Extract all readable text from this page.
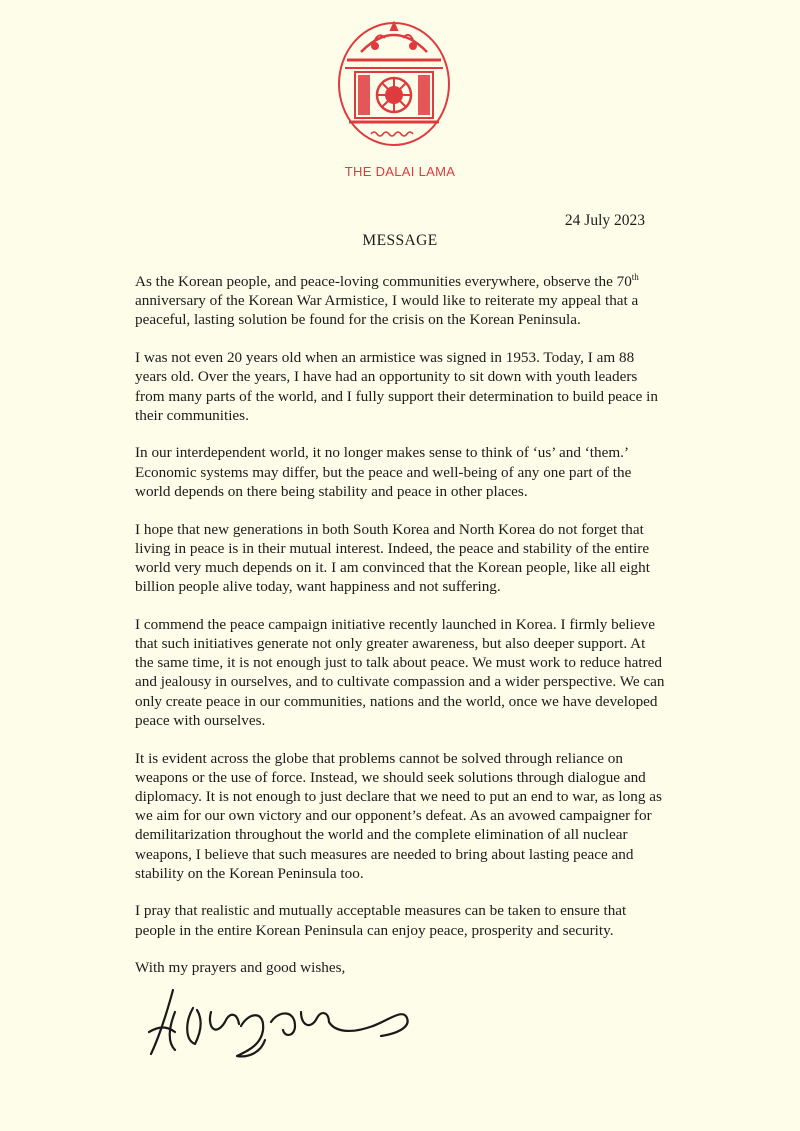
THE DALAI LAMA
24 July 2023
MESSAGE

As the Korean people, and peace-loving communities everywhere, observe the 70th anniversary of the Korean War Armistice, I would like to reiterate my appeal that a peaceful, lasting solution be found for the crisis on the Korean Peninsula.

I was not even 20 years old when an armistice was signed in 1953. Today, I am 88 years old. Over the years, I have had an opportunity to sit down with youth leaders from many parts of the world, and I fully support their determination to build peace in their communities.

In our interdependent world, it no longer makes sense to think of ‘us’ and ‘them.’ Economic systems may differ, but the peace and well-being of any one part of the world depends on there being stability and peace in other places.

I hope that new generations in both South Korea and North Korea do not forget that living in peace is in their mutual interest. Indeed, the peace and stability of the entire world very much depends on it. I am convinced that the Korean people, like all eight billion people alive today, want happiness and not suffering.

I commend the peace campaign initiative recently launched in Korea. I firmly believe that such initiatives generate not only greater awareness, but also deeper support. At the same time, it is not enough just to talk about peace. We must work to reduce hatred and jealousy in ourselves, and to cultivate compassion and a wider perspective. We can only create peace in our communities, nations and the world, once we have developed peace with ourselves.

It is evident across the globe that problems cannot be solved through reliance on weapons or the use of force. Instead, we should seek solutions through dialogue and diplomacy. It is not enough to just declare that we need to put an end to war, as long as we aim for our own victory and our opponent’s defeat. As an avowed campaigner for demilitarization throughout the world and the complete elimination of all nuclear weapons, I believe that such measures are needed to bring about lasting peace and stability on the Korean Peninsula too.

I pray that realistic and mutually acceptable measures can be taken to ensure that people in the entire Korean Peninsula can enjoy peace, prosperity and security.

With my prayers and good wishes,
